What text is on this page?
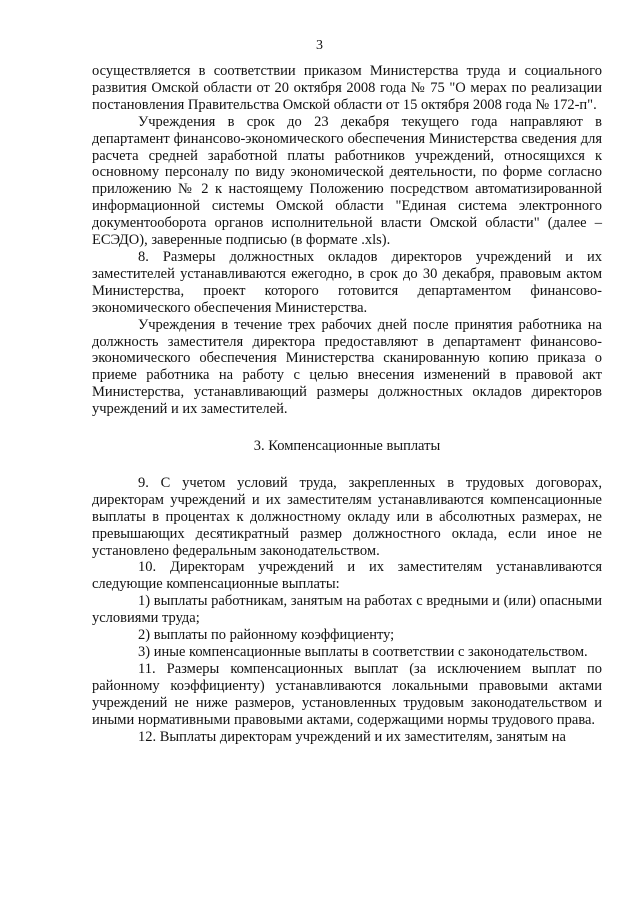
3

осуществляется в соответствии приказом Министерства труда и социального развития Омской области от 20 октября 2008 года № 75 "О мерах по реализации постановления Правительства Омской области от 15 октября 2008 года № 172-п".

Учреждения в срок до 23 декабря текущего года направляют в департамент финансово-экономического обеспечения Министерства сведения для расчета средней заработной платы работников учреждений, относящихся к основному персоналу по виду экономической деятельности, по форме согласно приложению № 2 к настоящему Положению посредством автоматизированной информационной системы Омской области "Единая система электронного документооборота органов исполнительной власти Омской области" (далее – ЕСЭДО), заверенные подписью (в формате .xls).

8. Размеры должностных окладов директоров учреждений и их заместителей устанавливаются ежегодно, в срок до 30 декабря, правовым актом Министерства, проект которого готовится департаментом финансово-экономического обеспечения Министерства.

Учреждения в течение трех рабочих дней после принятия работника на должность заместителя директора предоставляют в департамент финансово-экономического обеспечения Министерства сканированную копию приказа о приеме работника на работу с целью внесения изменений в правовой акт Министерства, устанавливающий размеры должностных окладов директоров учреждений и их заместителей.

3. Компенсационные выплаты

9. С учетом условий труда, закрепленных в трудовых договорах, директорам учреждений и их заместителям устанавливаются компенсационные выплаты в процентах к должностному окладу или в абсолютных размерах, не превышающих десятикратный размер должностного оклада, если иное не установлено федеральным законодательством.

10. Директорам учреждений и их заместителям устанавливаются следующие компенсационные выплаты:

1) выплаты работникам, занятым на работах с вредными и (или) опасными условиями труда;

2) выплаты по районному коэффициенту;

3) иные компенсационные выплаты в соответствии с законодательством.

11. Размеры компенсационных выплат (за исключением выплат по районному коэффициенту) устанавливаются локальными правовыми актами учреждений не ниже размеров, установленных трудовым законодательством и иными нормативными правовыми актами, содержащими нормы трудового права.

12. Выплаты директорам учреждений и их заместителям, занятым на
